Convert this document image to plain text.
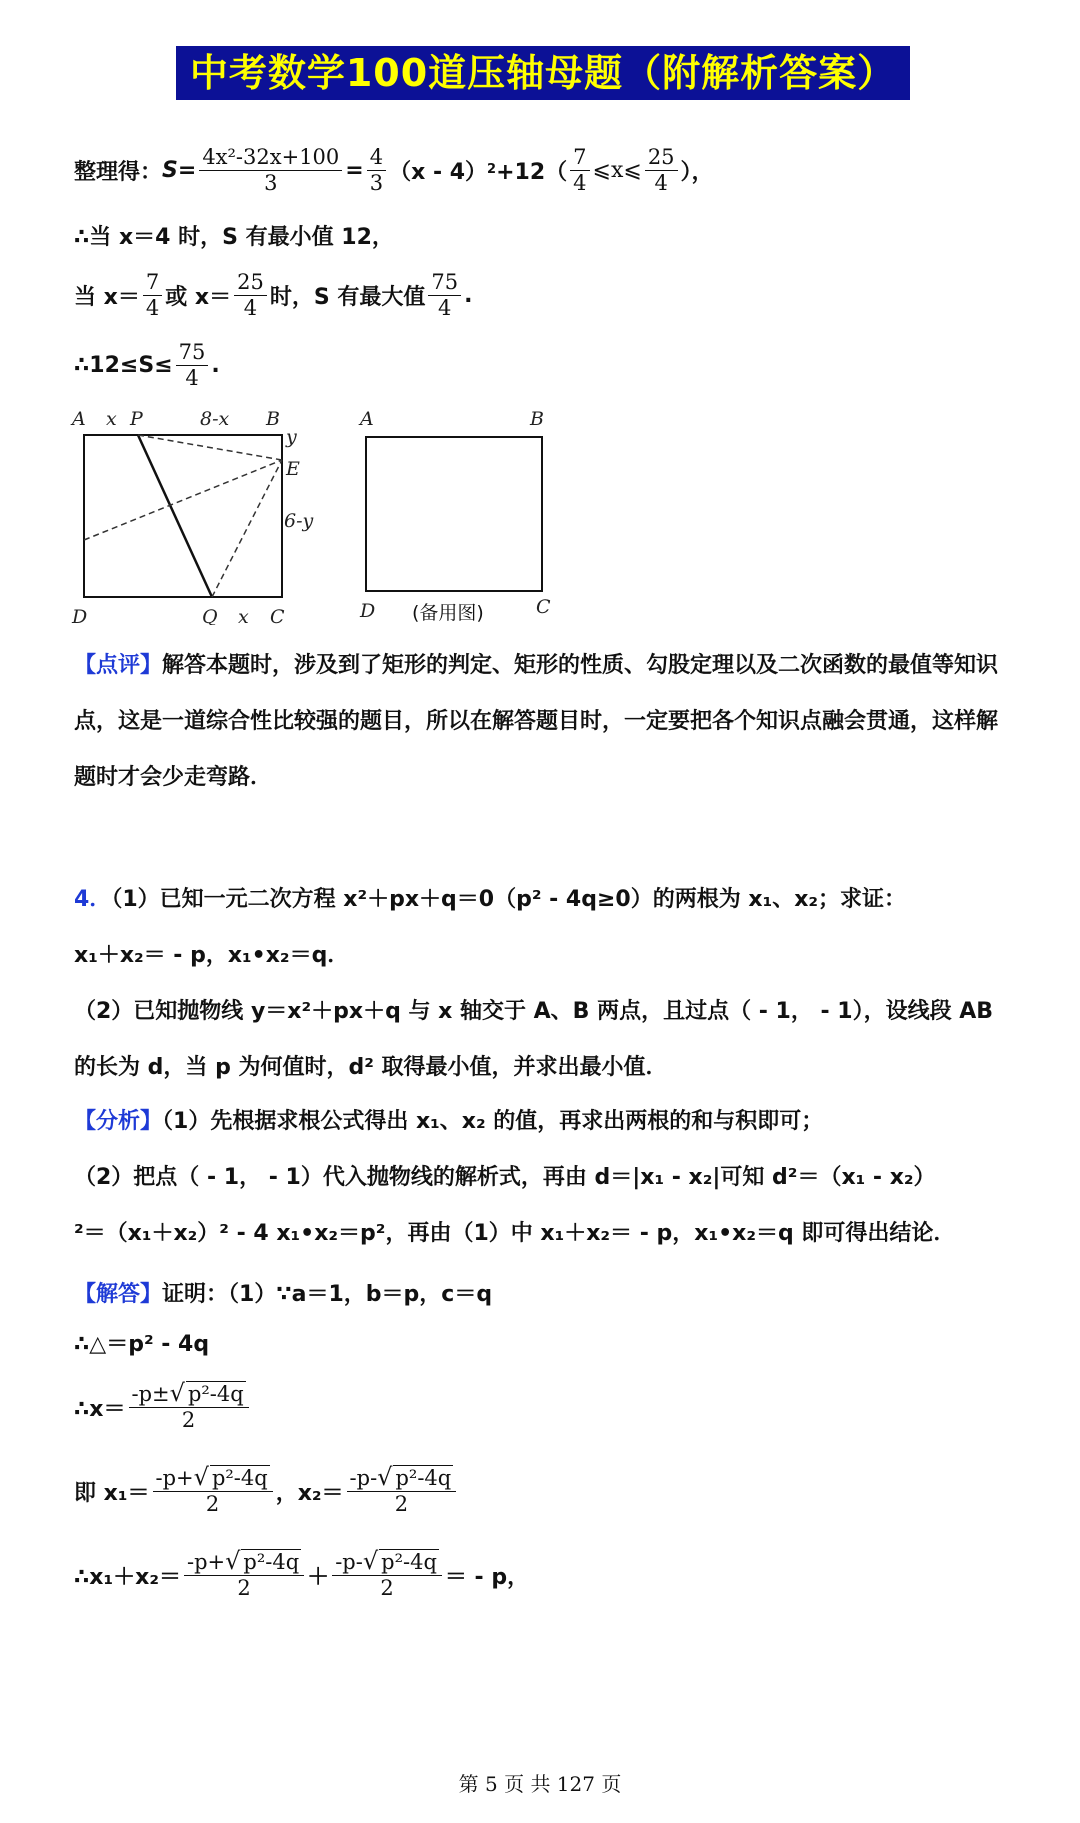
中考数学100道压轴母题（附解析答案）
整理得： $S = \frac{\text{4x²-32x+100}}{3} = \frac{4}{3} (x - 4)$ $2 +12( \frac{7}{4}$ ⩽x⩽ $\frac{25}{4}$ ），
∴当 x＝4 时，S 有最小值 12，
当 $x= \frac{7}{4}$ 或 $x= \frac{25}{4}$ 时，S 有最大值 $\frac{75}{4}$ .
∴12≤S≤ $\frac{75}{4}$ .
A x P	8-x B
y
E
6-y
D	Q x C
A	B
D	C
(备用图)
【点评】解答本题时，涉及到了矩形的判定、矩形的性质、勾股定理以及二次函数的最值等知识点，这是一道综合性比较强的题目，所以在解答题目时，一定要把各个知识点融会贯通，这样解题时才会少走弯路．
4．（1）已知一元二次方程 x²＋px＋q＝0（p² - 4q≥0）的两根为 x₁、x₂；求证：
x₁＋x₂＝ - p，x₁•x₂＝q．
（2）已知抛物线 y＝x²＋px＋q 与 x 轴交于 A、B 两点，且过点（ - 1， - 1），设线段 AB 的长为 d，当 p 为何值时，d² 取得最小值，并求出最小值．
【分析】（1）先根据求根公式得出 x₁、x₂ 的值，再求出两根的和与积即可；
（2）把点（ - 1， - 1）代入抛物线的解析式，再由 d＝|x₁ - x₂|可知 d²＝（x₁ - x₂）
²＝（x₁＋x₂）² - 4 x₁•x₂＝p²，再由（1）中 x₁＋x₂＝ - p，x₁•x₂＝q 即可得出结论．
【解答】 证明：（1）∵a＝1，b＝p，c＝q
∴△＝p² - 4q
∴x＝ $\frac{\text{-p±√ p²-4q}}{2}$
即 $x_1= \frac{\text{-p+√ p²-4q}}{2}$ ，$x_2= \frac{\text{-p-√ p²-4q}}{2}$
∴x₁＋x₂＝ $\frac{\text{-p+√ p²-4q}}{2} + \frac{\text{-p-√ p²-4q}}{2}$ ＝ - p，
第 5 页 共 127 页
